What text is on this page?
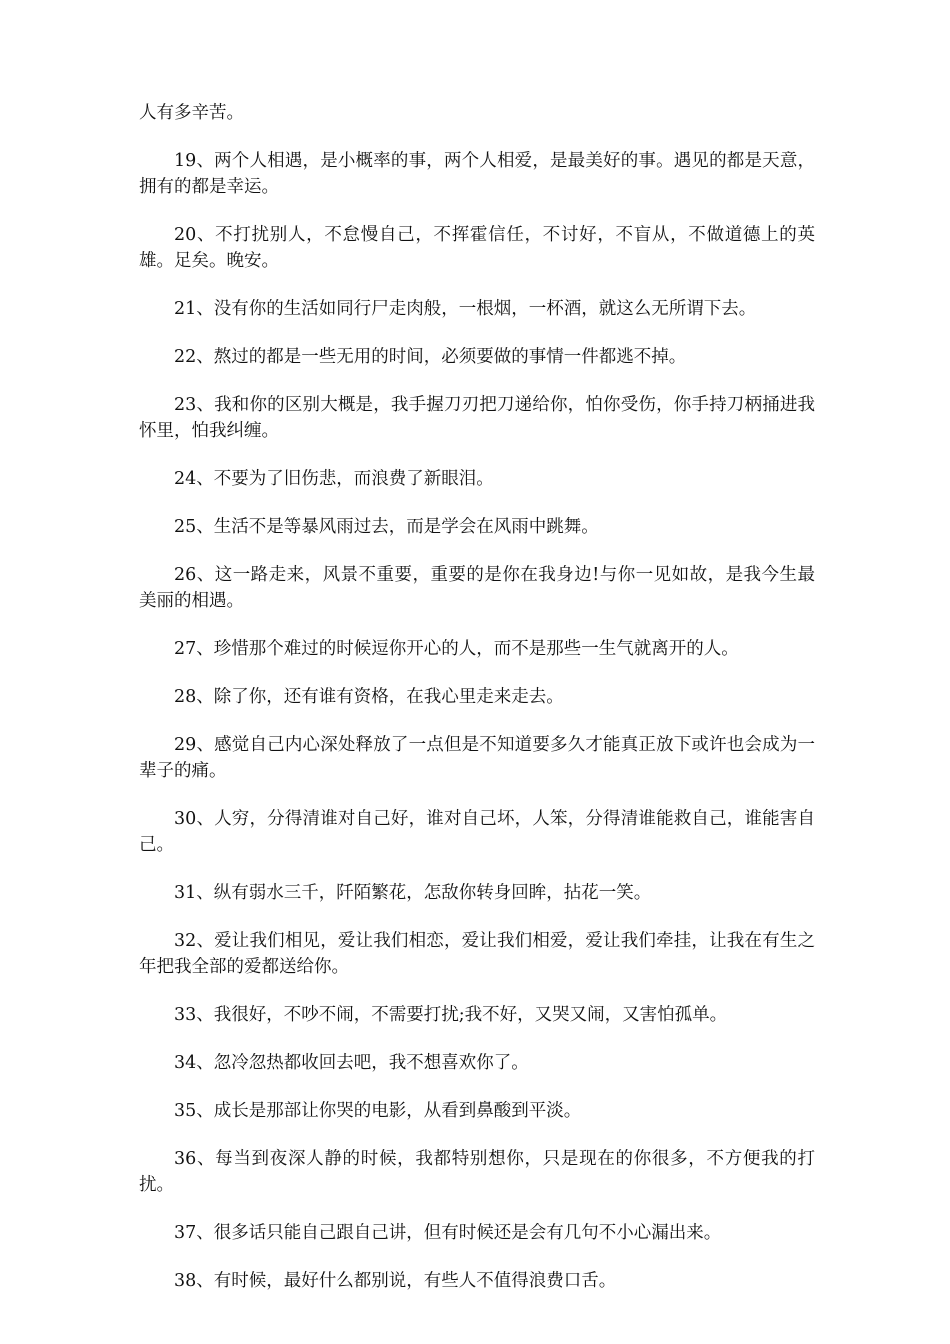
人有多辛苦。

19、两个人相遇，是小概率的事，两个人相爱，是最美好的事。遇见的都是天意，拥有的都是幸运。

20、不打扰别人，不怠慢自己，不挥霍信任，不讨好，不盲从，不做道德上的英雄。足矣。晚安。

21、没有你的生活如同行尸走肉般，一根烟，一杯酒，就这么无所谓下去。

22、熬过的都是一些无用的时间，必须要做的事情一件都逃不掉。

23、我和你的区别大概是，我手握刀刃把刀递给你，怕你受伤，你手持刀柄捅进我怀里，怕我纠缠。

24、不要为了旧伤悲，而浪费了新眼泪。

25、生活不是等暴风雨过去，而是学会在风雨中跳舞。

26、这一路走来，风景不重要，重要的是你在我身边!与你一见如故，是我今生最美丽的相遇。

27、珍惜那个难过的时候逗你开心的人，而不是那些一生气就离开的人。

28、除了你，还有谁有资格，在我心里走来走去。

29、感觉自己内心深处释放了一点但是不知道要多久才能真正放下或许也会成为一辈子的痛。

30、人穷，分得清谁对自己好，谁对自己坏，人笨，分得清谁能救自己，谁能害自己。

31、纵有弱水三千，阡陌繁花，怎敌你转身回眸，拈花一笑。

32、爱让我们相见，爱让我们相恋，爱让我们相爱，爱让我们牵挂，让我在有生之年把我全部的爱都送给你。

33、我很好，不吵不闹，不需要打扰;我不好，又哭又闹，又害怕孤单。

34、忽冷忽热都收回去吧，我不想喜欢你了。

35、成长是那部让你哭的电影，从看到鼻酸到平淡。

36、每当到夜深人静的时候，我都特别想你，只是现在的你很多，不方便我的打扰。

37、很多话只能自己跟自己讲，但有时候还是会有几句不小心漏出来。

38、有时候，最好什么都别说，有些人不值得浪费口舌。
